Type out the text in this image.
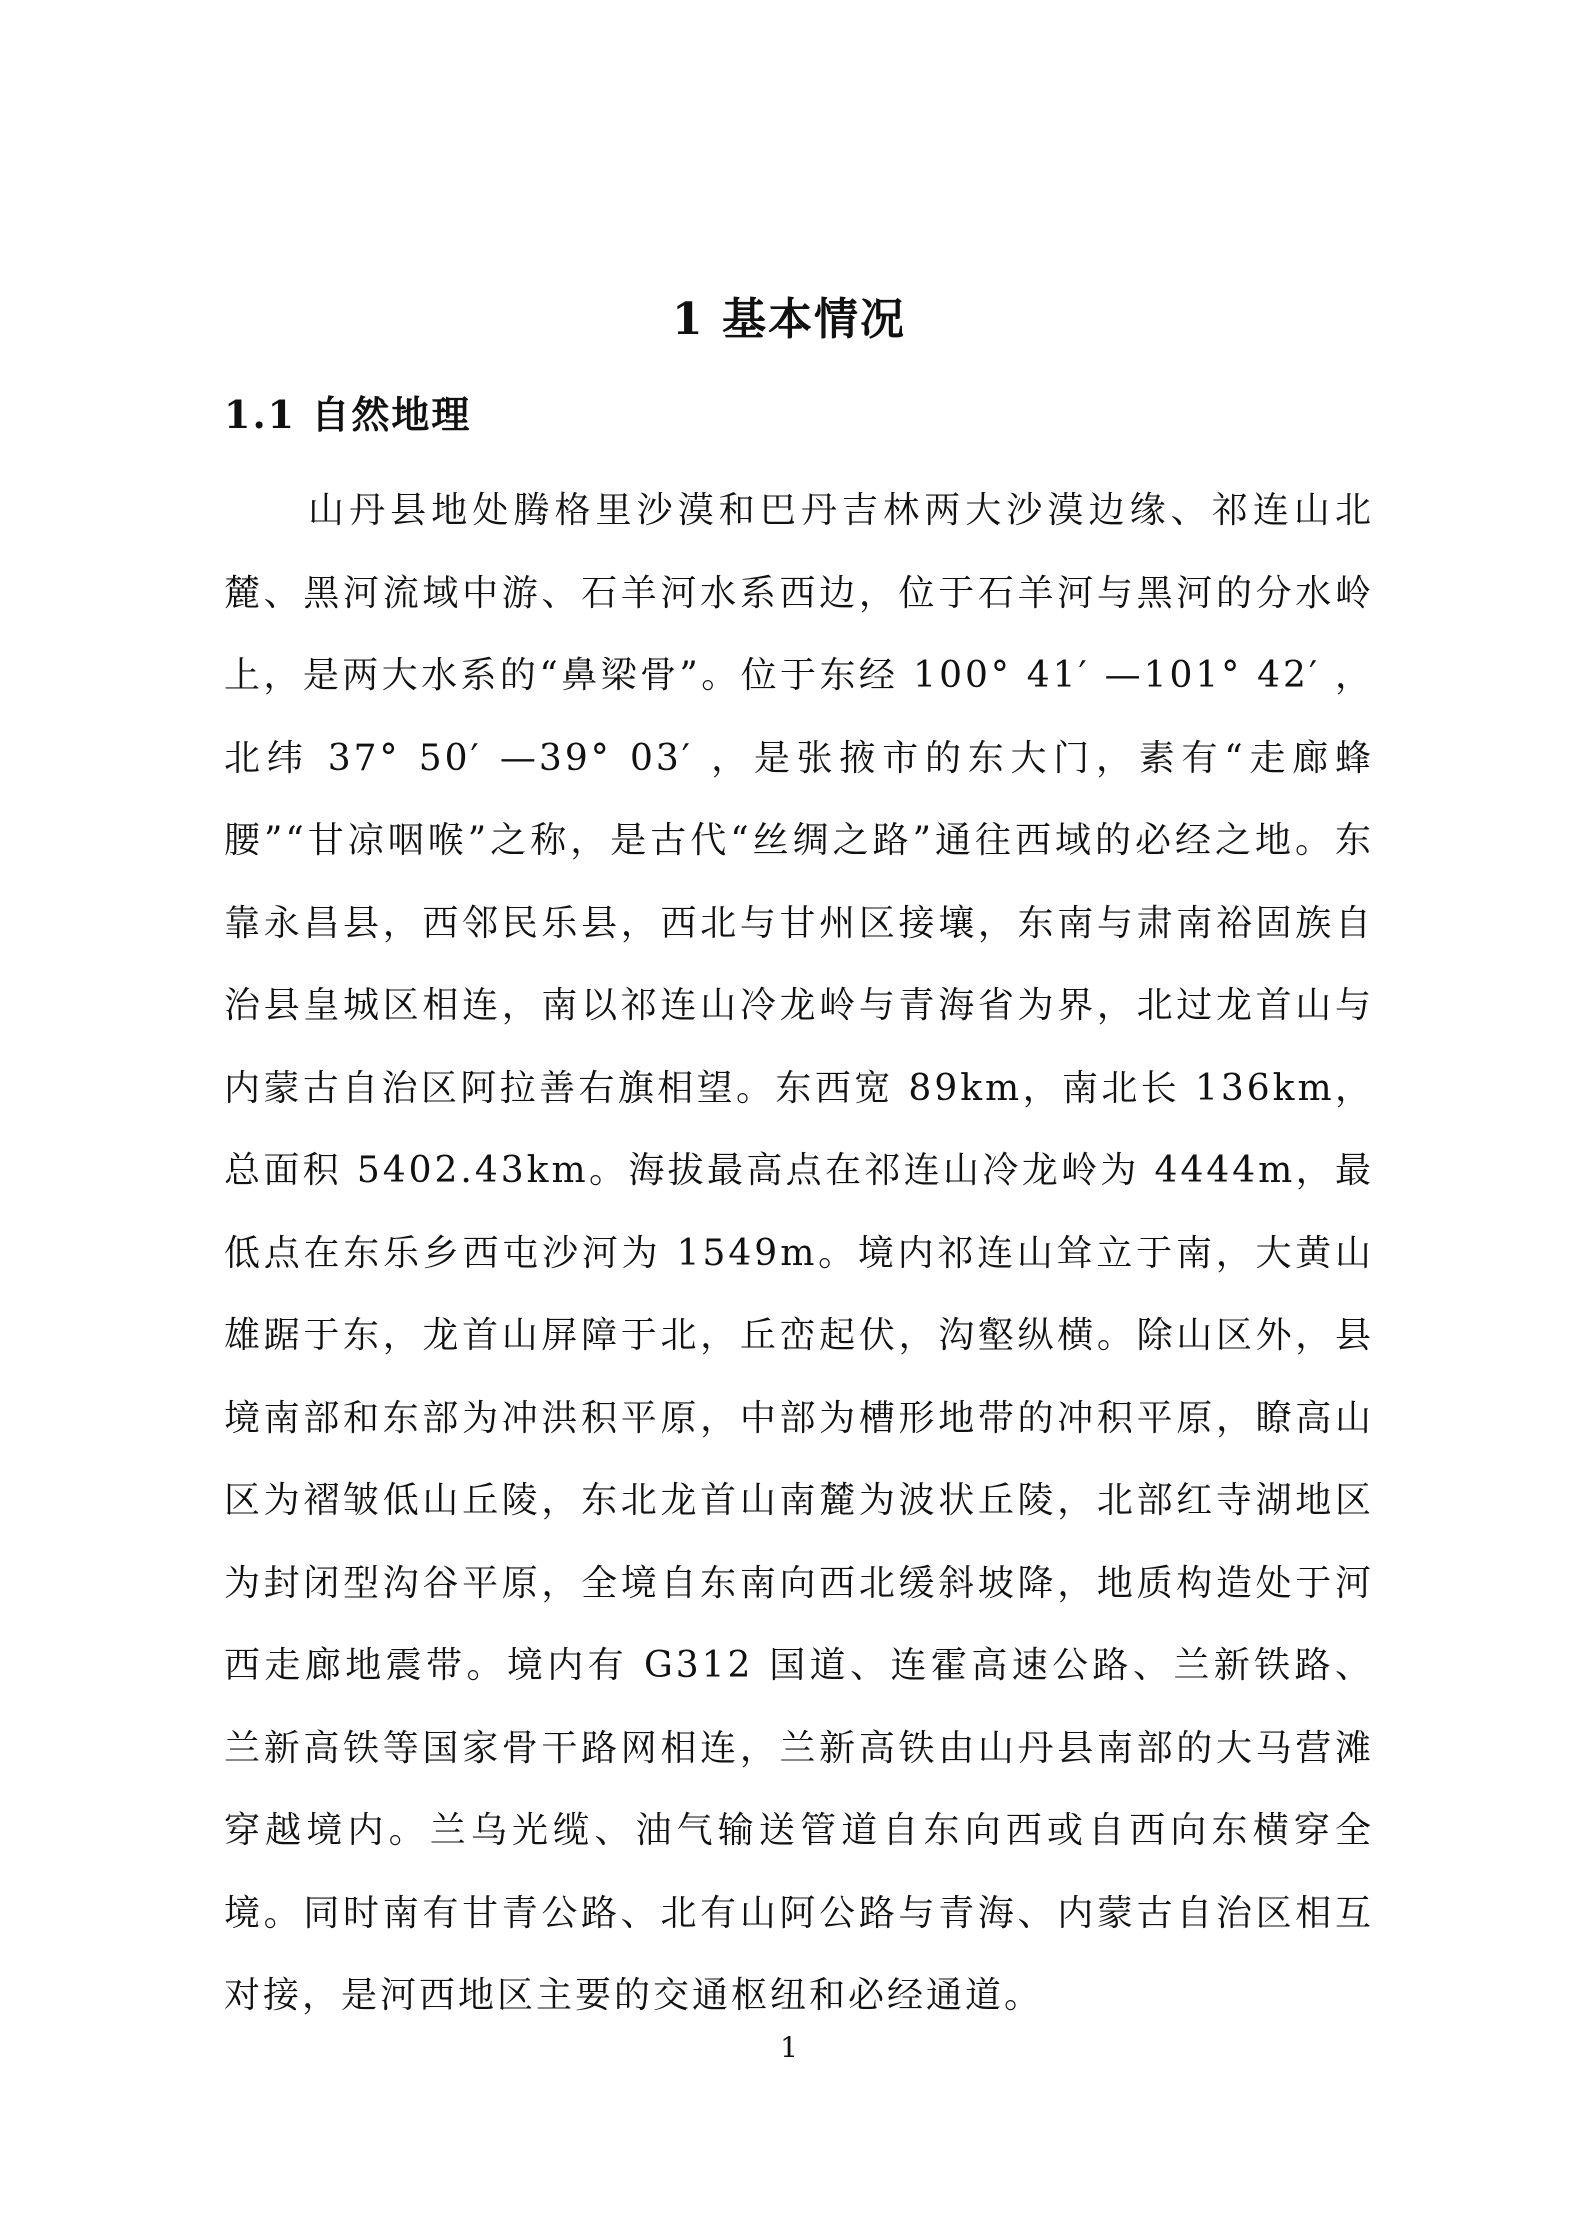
1 基本情况
1.1 自然地理

山丹县地处腾格里沙漠和巴丹吉林两大沙漠边缘、祁连山北麓、黑河流域中游、石羊河水系西边，位于石羊河与黑河的分水岭上，是两大水系的“鼻梁骨”。位于东经 100° 41′ —101° 42′ ，北纬 37° 50′ —39° 03′ ，是张掖市的东大门，素有“走廊蜂腰”“甘凉咽喉”之称，是古代“丝绸之路”通往西域的必经之地。东靠永昌县，西邻民乐县，西北与甘州区接壤，东南与肃南裕固族自治县皇城区相连，南以祁连山冷龙岭与青海省为界，北过龙首山与内蒙古自治区阿拉善右旗相望。东西宽 89km，南北长 136km，总面积 5402.43km。海拔最高点在祁连山冷龙岭为 4444m，最低点在东乐乡西屯沙河为 1549m。境内祁连山耸立于南，大黄山雄踞于东，龙首山屏障于北，丘峦起伏，沟壑纵横。除山区外，县境南部和东部为冲洪积平原，中部为槽形地带的冲积平原，瞭高山区为褶皱低山丘陵，东北龙首山南麓为波状丘陵，北部红寺湖地区为封闭型沟谷平原，全境自东南向西北缓斜坡降，地质构造处于河西走廊地震带。境内有 G312 国道、连霍高速公路、兰新铁路、兰新高铁等国家骨干路网相连，兰新高铁由山丹县南部的大马营滩穿越境内。兰乌光缆、油气输送管道自东向西或自西向东横穿全境。同时南有甘青公路、北有山阿公路与青海、内蒙古自治区相互对接，是河西地区主要的交通枢纽和必经通道。

1
